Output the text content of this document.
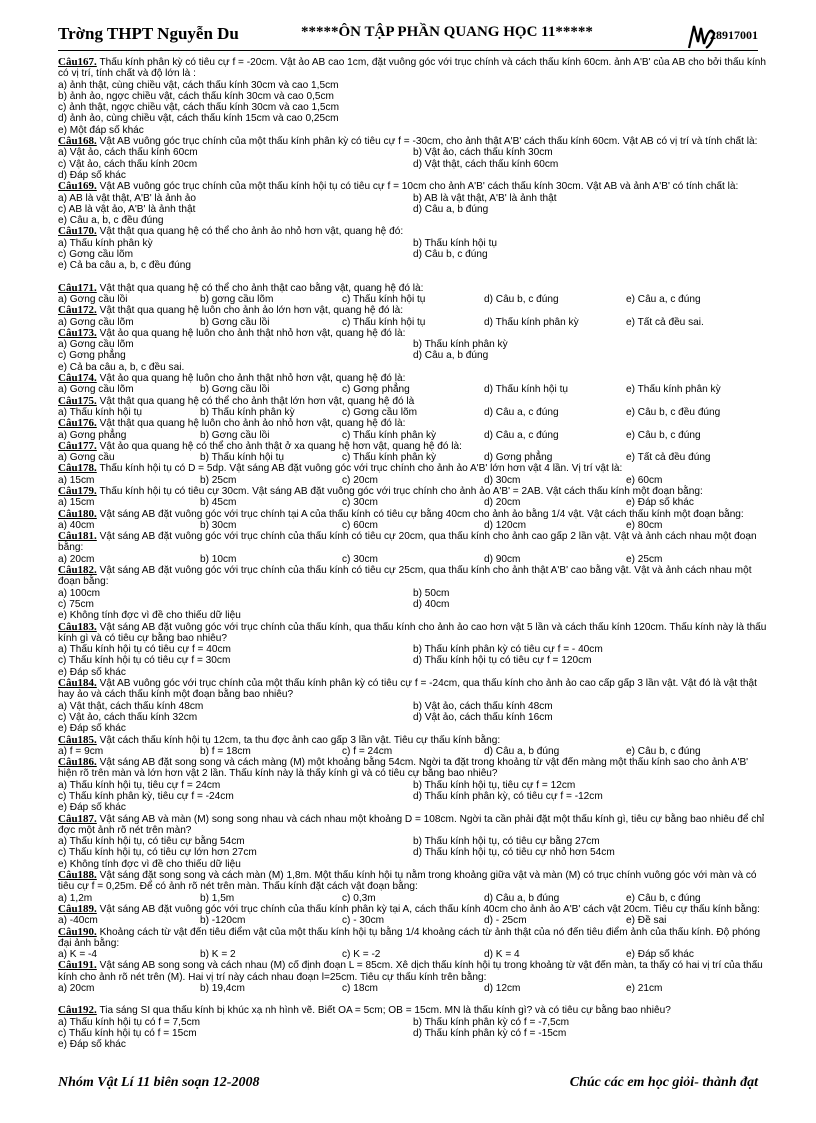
Trờng THPT Nguyễn Du	*****ÔN TẬP PHẦN QUANG HỌC 11*****	28917001
Câu167. Thấu kính phân kỳ có tiêu cự f = -20cm. Vật ảo AB cao 1cm, đặt vuông góc với trục chính và cách thấu kính 60cm. ảnh A'B' của AB cho bởi thấu kính có vị trí, tính chất và độ lớn là :
a) ảnh thật, cùng chiều vật, cách thấu kính 30cm và cao 1,5cm
b) ảnh ảo, ngợc chiều vật, cách thấu kính 30cm và cao 0,5cm
c) ảnh thật, ngợc chiều vật, cách thấu kính 30cm và cao 1,5cm
d) ảnh ảo, cùng chiều vật, cách thấu kính 15cm và cao 0,25cm
e) Một đáp số khác
Câu168. Vật AB vuông góc trục chính của một thấu kính phân kỳ có tiêu cự f = -30cm, cho ảnh thật A'B' cách thấu kính 60cm. Vật AB có vị trí và tính chất là:
a) Vật ảo, cách thấu kính 60cm	b) Vật ảo, cách thấu kính 30cm
c) Vật ảo, cách thấu kính 20cm	d) Vật thật, cách thấu kính 60cm
d) Đáp số khác
Câu169. Vật AB vuông góc trục chính của một thấu kính hội tụ có tiêu cự f = 10cm cho ảnh A'B' cách thấu kính 30cm. Vật AB và ảnh A'B' có tính chất là:
a) AB là vật thật, A'B' là ảnh ảo	b) AB là vật thật, A'B' là ảnh thật
c) AB là vật ảo, A'B' là ảnh thật	d) Câu a, b đúng
e) Câu a, b, c đều đúng
Câu170. Vật thật qua quang hệ có thể cho ảnh ảo nhỏ hơn vật, quang hệ đó:
a) Thấu kính phân kỳ	b) Thấu kính hội tụ
c) Gơng cầu lõm	d) Câu b, c đúng
e) Cả ba câu a, b, c đều đúng
Câu171. Vật thật qua quang hệ có thể cho ảnh thật cao bằng vật, quang hệ đó là:
a) Gơng cầu lồi	b) gơng cầu lõm	c) Thấu kính hội tụ	d) Câu b, c đúng	e) Câu a, c đúng
Câu172. Vật thật qua quang hệ luôn cho ảnh ảo lớn hơn vật, quang hệ đó là:
a) Gơng cầu lõm	b) Gơng cầu lồi	c) Thấu kính hội tụ	d) Thấu kính phân kỳ	e) Tất cả đều sai.
Câu173. Vật ảo qua quang hệ luôn cho ảnh thật nhỏ hơn vật, quang hệ đó là:
a) Gơng cầu lõm	b) Thấu kính phân kỳ
c) Gơng phẳng	d) Câu a, b đúng
e) Cả ba câu a, b, c đều sai.
Câu174. Vật ảo qua quang hệ luôn cho ảnh thật nhỏ hơn vật, quang hệ đó là:
a) Gơng cầu lõm	b) Gơng cầu lồi	c) Gơng phẳng	d) Thấu kính hội tụ	e) Thấu kính phân kỳ
Câu175. Vật thật qua quang hệ có thể cho ảnh thật lớn hơn vật, quang hệ đó là
a) Thấu kính hội tụ	b) Thấu kính phân kỳ	c) Gơng cầu lõm	d) Câu a, c đúng	e) Câu b, c đều đúng
Câu176. Vật thật qua quang hệ luôn cho ảnh ảo nhỏ hơn vật, quang hệ đó là:
a) Gơng phẳng	b) Gơng cầu lồi	c) Thấu kính phân kỳ	d) Câu a, c đúng	e) Câu b, c đúng
Câu177. Vật ảo qua quang hệ có thể cho ảnh thật ở xa quang hệ hơn vật, quang hệ đó là:
a) Gơng cầu	b) Thấu kính hội tụ	c) Thấu kính phân kỳ	d) Gơng phẳng	e) Tất cả đều đúng
Câu178. Thấu kính hội tụ có D = 5dp. Vật sáng AB đặt vuông góc với trục chính cho ảnh ảo A'B' lớn hơn vật 4 lần. Vị trí vật là:
a) 15cm	b) 25cm	c) 20cm	d) 30cm	e) 60cm
Câu179. Thấu kính hội tụ có tiêu cự 30cm. Vật sáng AB đặt vuông góc với trục chính cho ảnh ảo A'B' = 2AB. Vật cách thấu kính một đoạn bằng:
a) 15cm	b) 45cm	c) 30cm	d) 20cm	e) Đáp số khác
Câu180. Vật sáng AB đặt vuông góc với trục chính tại A của thấu kính có tiêu cự bằng 40cm cho ảnh ảo bằng 1/4 vật. Vật cách thấu kính một đoạn bằng:
a) 40cm	b) 30cm	c) 60cm	d) 120cm	e) 80cm
Câu181. Vật sáng AB đặt vuông góc với trục chính của thấu kính có tiêu cự 20cm, qua thấu kính cho ảnh cao gấp 2 lần vật. Vật và ảnh cách nhau một đoạn bằng:
a) 20cm	b) 10cm	c) 30cm	d) 90cm	e) 25cm
Câu182. Vật sáng AB đặt vuông góc với trục chính của thấu kính có tiêu cự 25cm, qua thấu kính cho ảnh thật A'B' cao bằng vật. Vật và ảnh cách nhau một đoạn bằng:
a) 100cm	b) 50cm
c) 75cm	d) 40cm
e) Không tính đợc vì đề cho thiếu dữ liệu
Câu183. Vật sáng AB đặt vuông góc với trục chính của thấu kính, qua thấu kính cho ảnh ảo cao hơn vật 5 lần và cách thấu kính 120cm. Thấu kính này là thấu kính gì và có tiêu cự bằng bao nhiêu?
a) Thấu kính hội tụ có tiêu cự f = 40cm	b) Thấu kính phân kỳ có tiêu cự f = - 40cm
c) Thấu kính hội tụ có tiêu cự f = 30cm	d) Thấu kính hội tụ có tiêu cự f = 120cm
e) Đáp số khác
Câu184. Vật AB vuông góc với trục chính của một thấu kính phân kỳ có tiêu cự f = -24cm, qua thấu kính cho ảnh ảo cao cấp gấp 3 lần vật. Vật đó là vật thật hay ảo và cách thấu kính một đoạn bằng bao nhiêu?
a) Vật thật, cách thấu kính 48cm	b) Vật ảo, cách thấu kính 48cm
c) Vật ảo, cách thấu kính 32cm	d) Vật ảo, cách thấu kính 16cm
e) Đáp số khác
Câu185. Vật cách thấu kính hội tụ 12cm, ta thu đợc ảnh cao gấp 3 lần vật. Tiêu cự thấu kính bằng:
a) f = 9cm	b) f = 18cm	c) f = 24cm	d) Câu a, b đúng	e) Câu b, c đúng
Câu186. Vật sáng AB đặt song song và cách màng (M) một khoảng bằng 54cm. Ngời ta đặt trong khoảng từ vật đến màng một thấu kính sao cho ảnh A'B' hiện rõ trên màn và lớn hơn vật 2 lần. Thấu kính này là thấy kính gì và có tiêu cự bằng bao nhiêu?
a) Thấu kính hội tụ, tiêu cự f = 24cm	b) Thấu kính hội tụ, tiêu cự f = 12cm
c) Thấu kính phân kỳ, tiêu cự f = -24cm	d) Thấu kính phân kỳ, có tiêu cự f = -12cm
e) Đáp số khác
Câu187. Vật sáng AB và màn (M) song song nhau và cách nhau một khoảng D = 108cm. Ngời ta cần phải đặt một thấu kính gì, tiêu cự bằng bao nhiêu để chỉ đợc một ảnh rõ nét trên màn?
a) Thấu kính hội tụ, có tiêu cự bằng 54cm	b) Thấu kính hội tụ, có tiêu cự bằng 27cm
c) Thấu kính hội tụ, có tiêu cự lớn hơn 27cm	d) Thấu kính hội tụ, có tiêu cự nhỏ hơn 54cm
e) Không tính đợc vì đề cho thiếu dữ liệu
Câu188. Vật sáng đặt song song và cách màn (M) 1,8m. Một thấu kính hội tụ nằm trong khoảng giữa vật và màn (M) có trục chính vuông góc với màn và có tiêu cự f = 0,25m. Để có ảnh rõ nét trên màn. Thấu kính đặt cách vật đoạn bằng:
a) 1,2m	b) 1,5m	c) 0,3m	d) Câu a, b đúng	e) Câu b, c đúng
Câu189. Vật sáng AB đặt vuông góc với trục chính của thấu kính phân kỳ tại A, cách thấu kính 40cm cho ảnh ảo A'B' cách vật 20cm. Tiêu cự thấu kính bằng:
a) -40cm	b) -120cm	c) - 30cm	d) - 25cm	e) Đề sai
Câu190. Khoảng cách từ vật đến tiêu điểm vật của một thấu kính hội tụ bằng 1/4 khoảng cách từ ảnh thật của nó đến tiêu điểm ảnh của thấu kính. Độ phóng đại ảnh bằng:
a) K = -4	b) K = 2	c) K = -2	d) K = 4	e) Đáp số khác
Câu191. Vật sáng AB song song và cách nhau (M) cố định đoạn L = 85cm. Xê dịch thấu kính hội tụ trong khoảng từ vật đến màn, ta thấy có hai vị trí của thấu kính cho ảnh rõ nét trên (M). Hai vị trí này cách nhau đoạn l=25cm. Tiêu cự thấu kính trên bằng:
a) 20cm	b) 19,4cm	c) 18cm	d) 12cm	e) 21cm
Câu192. Tia sáng SI qua thấu kính bị khúc xạ nh hình vẽ. Biết OA = 5cm; OB = 15cm. MN là thấu kính gì? và có tiêu cự bằng bao nhiêu?
a) Thấu kính hội tụ có f = 7,5cm	b) Thấu kính phân kỳ có f = -7,5cm
c) Thấu kính hội tụ có f = 15cm	d) Thấu kính phân kỳ có f = -15cm
e) Đáp số khác
Nhóm Vật Lí 11 biên soạn 12-2008	Chúc các em học giỏi- thành đạt
